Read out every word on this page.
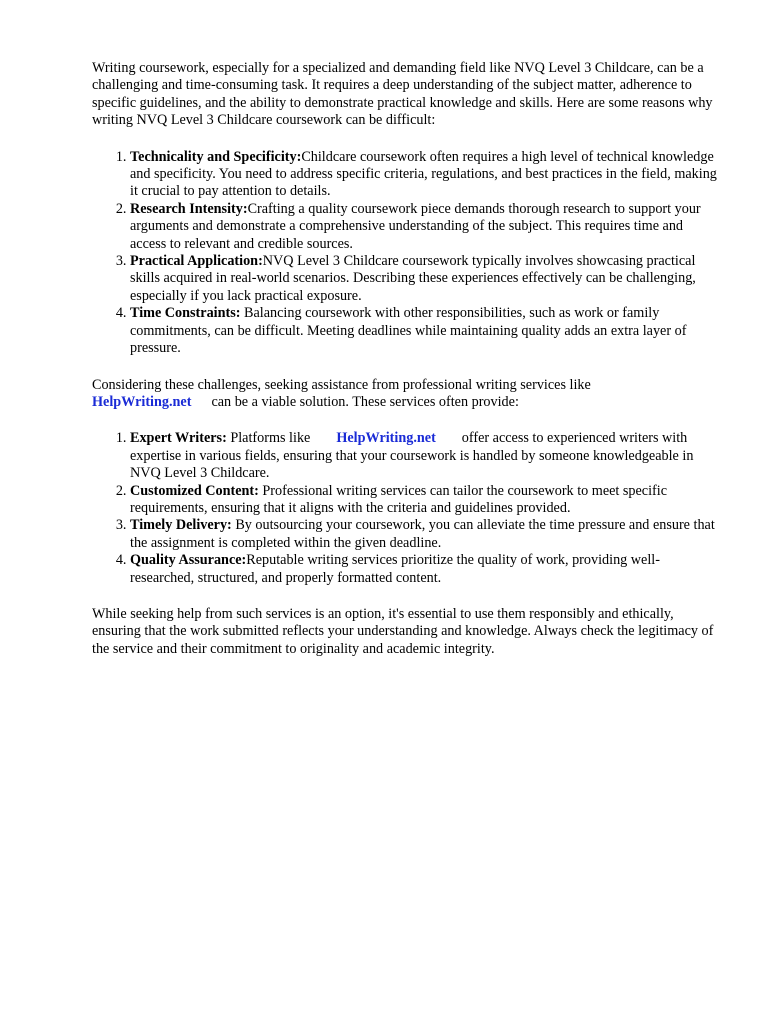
Writing coursework, especially for a specialized and demanding field like NVQ Level 3 Childcare, can be a challenging and time-consuming task. It requires a deep understanding of the subject matter, adherence to specific guidelines, and the ability to demonstrate practical knowledge and skills. Here are some reasons why writing NVQ Level 3 Childcare coursework can be difficult:

1. Technicality and Specificity:Childcare coursework often requires a high level of technical knowledge and specificity. You need to address specific criteria, regulations, and best practices in the field, making it crucial to pay attention to details.
2. Research Intensity:Crafting a quality coursework piece demands thorough research to support your arguments and demonstrate a comprehensive understanding of the subject. This requires time and access to relevant and credible sources.
3. Practical Application:NVQ Level 3 Childcare coursework typically involves showcasing practical skills acquired in real-world scenarios. Describing these experiences effectively can be challenging, especially if you lack practical exposure.
4. Time Constraints: Balancing coursework with other responsibilities, such as work or family commitments, can be difficult. Meeting deadlines while maintaining quality adds an extra layer of pressure.

Considering these challenges, seeking assistance from professional writing services like
HelpWriting.net can be a viable solution. These services often provide:

1. Expert Writers: Platforms like HelpWriting.net offer access to experienced writers with expertise in various fields, ensuring that your coursework is handled by someone knowledgeable in NVQ Level 3 Childcare.
2. Customized Content: Professional writing services can tailor the coursework to meet specific requirements, ensuring that it aligns with the criteria and guidelines provided.
3. Timely Delivery: By outsourcing your coursework, you can alleviate the time pressure and ensure that the assignment is completed within the given deadline.
4. Quality Assurance:Reputable writing services prioritize the quality of work, providing well-researched, structured, and properly formatted content.

While seeking help from such services is an option, it's essential to use them responsibly and ethically, ensuring that the work submitted reflects your understanding and knowledge. Always check the legitimacy of the service and their commitment to originality and academic integrity.
